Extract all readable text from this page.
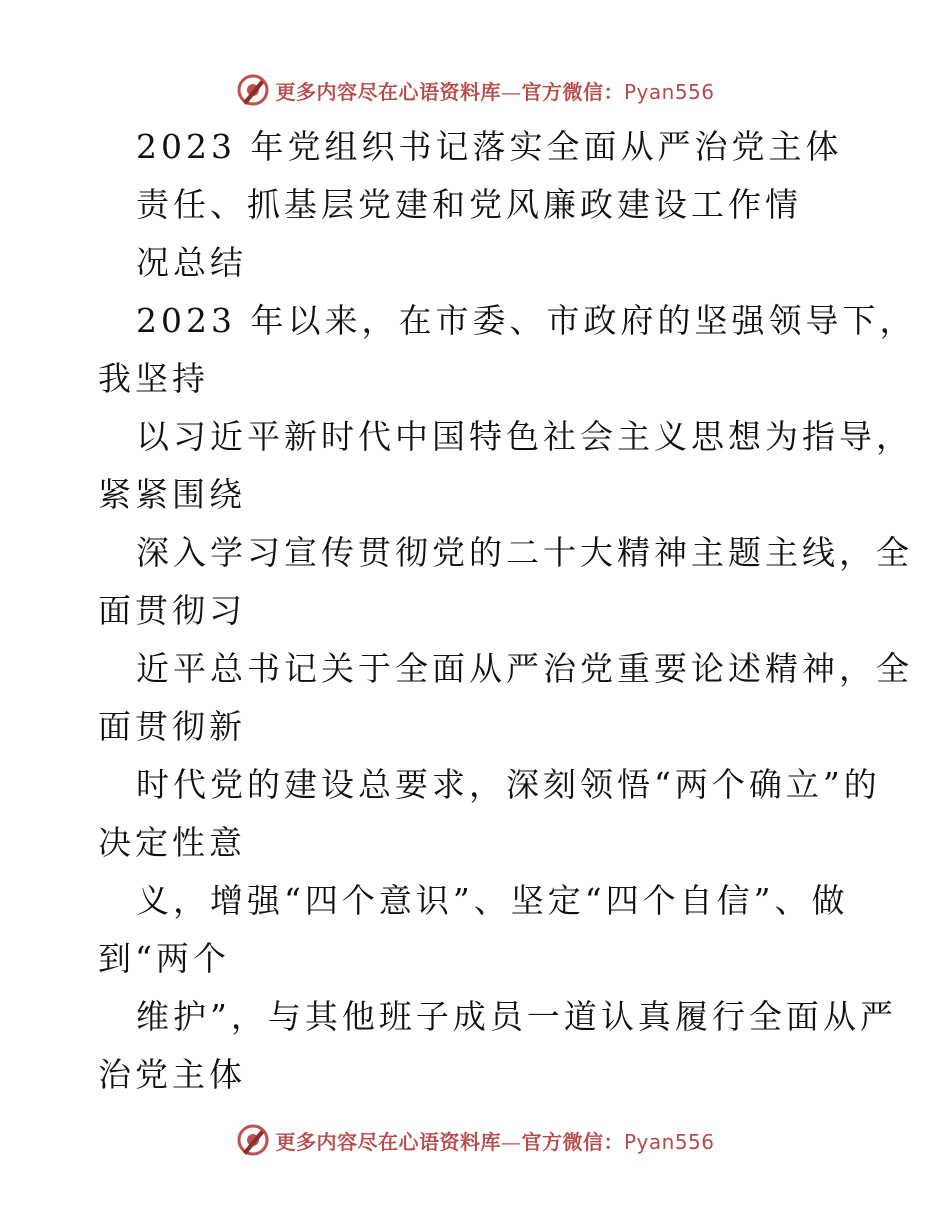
更多内容尽在心语资料库—官方微信：Pyan556
2023 年党组织书记落实全面从严治党主体
责任、抓基层党建和党风廉政建设工作情
况总结
2023 年以来，在市委、市政府的坚强领导下，
我坚持
以习近平新时代中国特色社会主义思想为指导，
紧紧围绕
深入学习宣传贯彻党的二十大精神主题主线，全
面贯彻习
近平总书记关于全面从严治党重要论述精神，全
面贯彻新
时代党的建设总要求，深刻领悟“两个确立”的
决定性意
义，增强“四个意识”、坚定“四个自信”、做
到“两个
维护”，与其他班子成员一道认真履行全面从严
治党主体
更多内容尽在心语资料库—官方微信：Pyan556
